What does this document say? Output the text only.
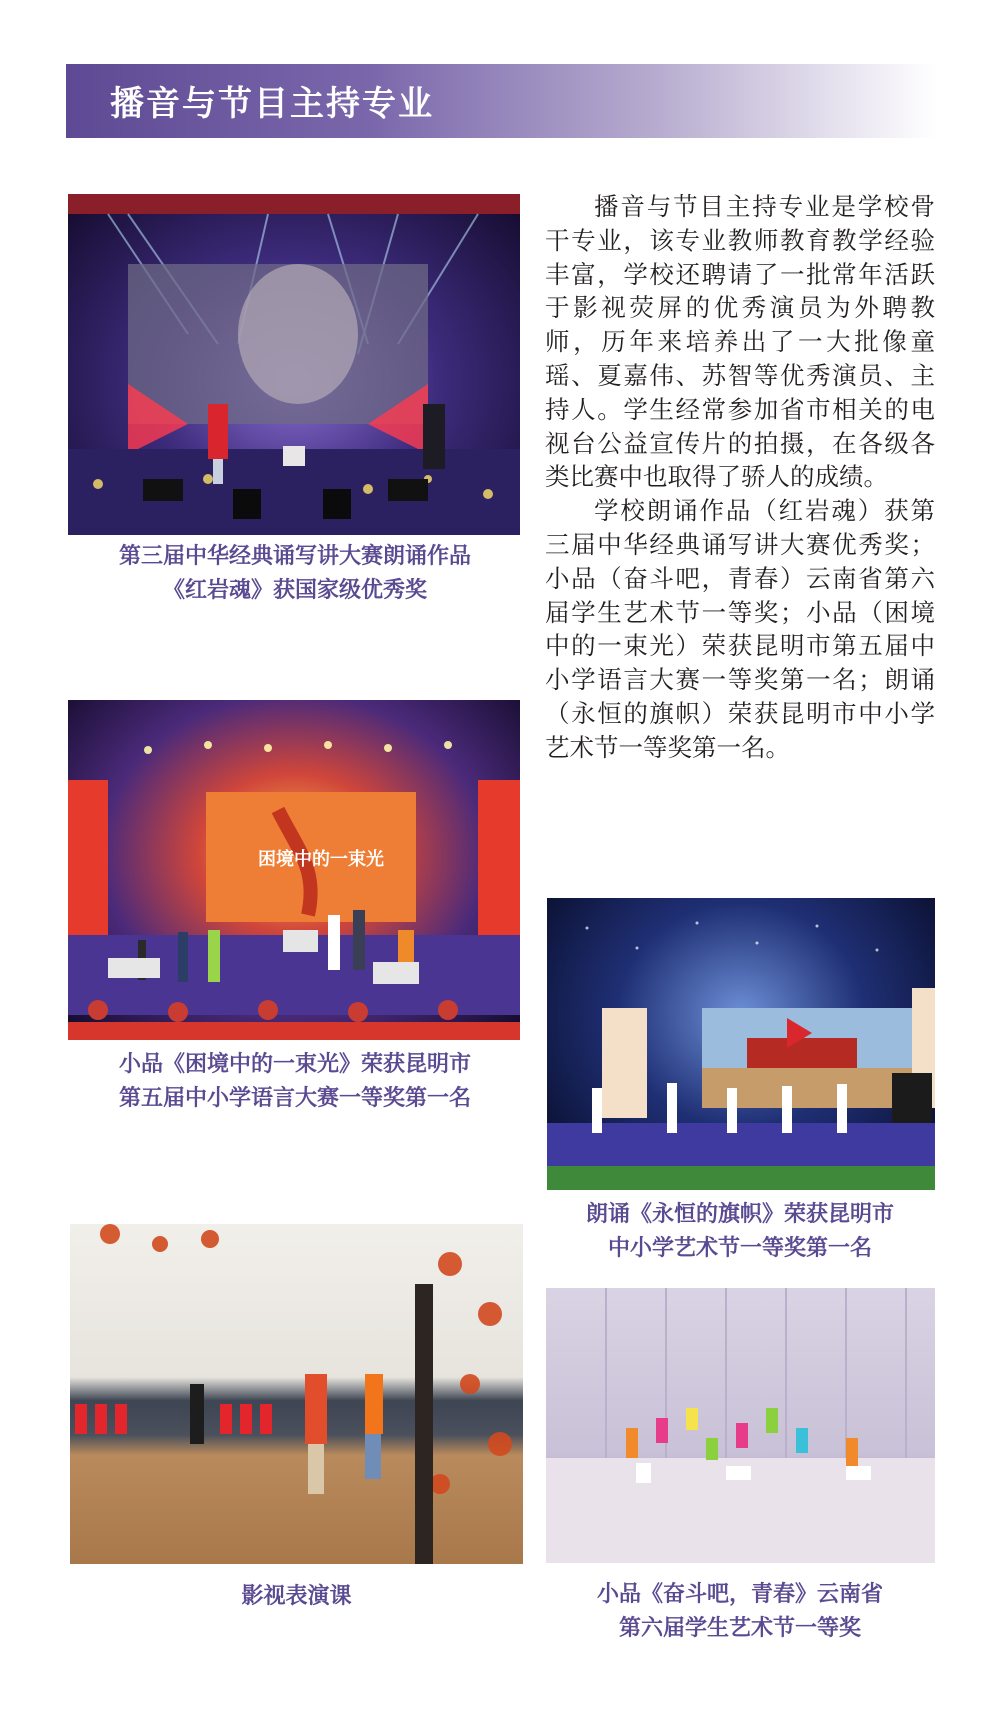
播音与节目主持专业

播音与节目主持专业是学校骨干专业，该专业教师教育教学经验丰富，学校还聘请了一批常年活跃于影视荧屏的优秀演员为外聘教师，历年来培养出了一大批像童瑶、夏嘉伟、苏智等优秀演员、主持人。学生经常参加省市相关的电视台公益宣传片的拍摄，在各级各类比赛中也取得了骄人的成绩。

学校朗诵作品（红岩魂）获第三届中华经典诵写讲大赛优秀奖；小品（奋斗吧，青春）云南省第六届学生艺术节一等奖；小品（困境中的一束光）荣获昆明市第五届中小学语言大赛一等奖第一名；朗诵（永恒的旗帜）荣获昆明市中小学艺术节一等奖第一名。

第三届中华经典诵写讲大赛朗诵作品
《红岩魂》获国家级优秀奖
困境中的一束光
小品《困境中的一束光》荣获昆明市
第五届中小学语言大赛一等奖第一名
朗诵《永恒的旗帜》荣获昆明市
中小学艺术节一等奖第一名
影视表演课	小品《奋斗吧，青春》云南省
第六届学生艺术节一等奖
